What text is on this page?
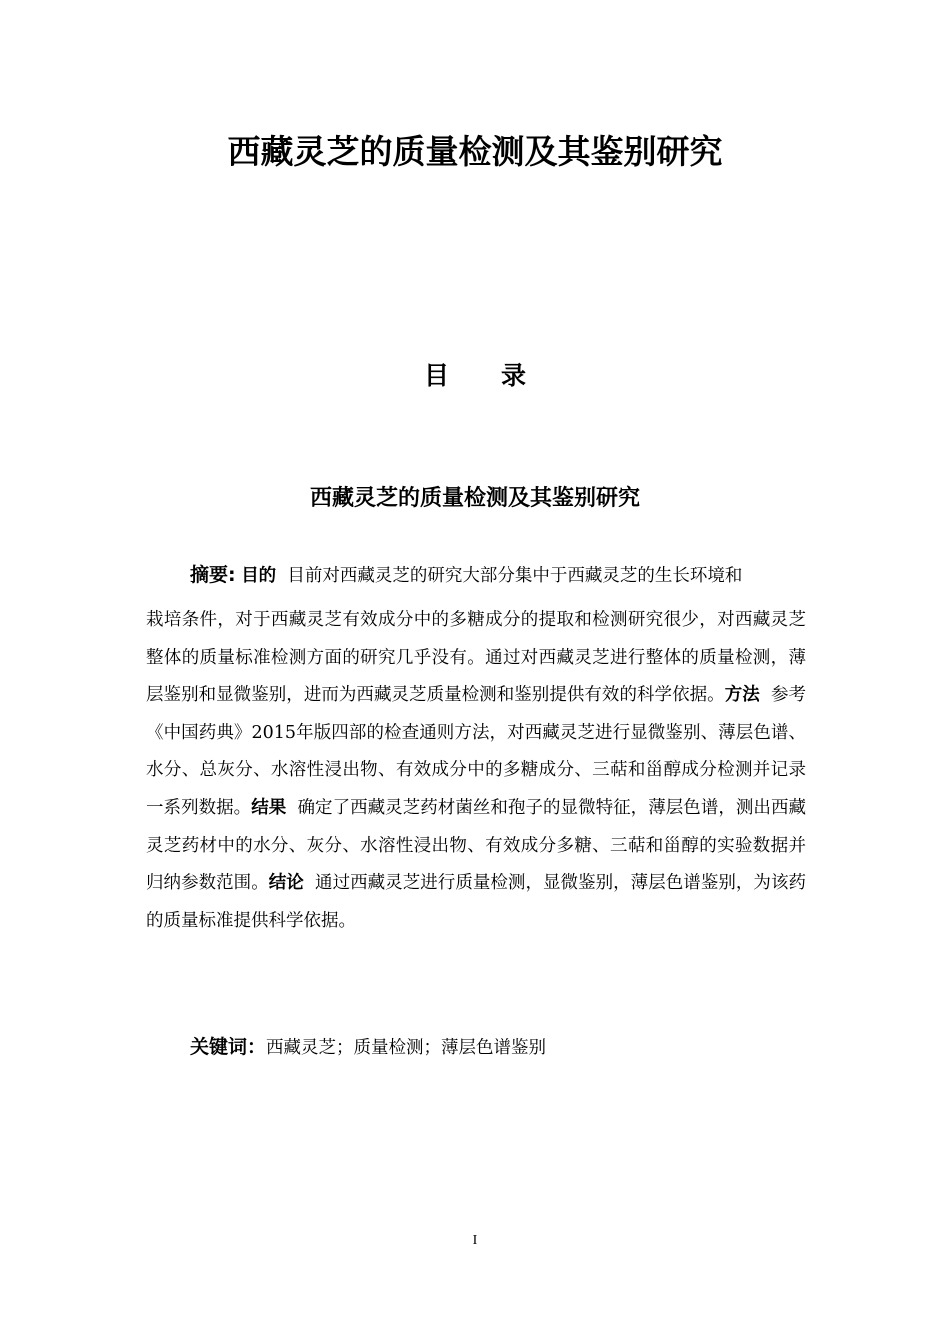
西藏灵芝的质量检测及其鉴别研究
目 录
西藏灵芝的质量检测及其鉴别研究

摘要: 目的 目前对西藏灵芝的研究大部分集中于西藏灵芝的生长环境和

栽培条件，对于西藏灵芝有效成分中的多糖成分的提取和检测研究很少，对西藏灵芝整体的质量标准检测方面的研究几乎没有。通过对西藏灵芝进行整体的质量检测，薄层鉴别和显微鉴别，进而为西藏灵芝质量检测和鉴别提供有效的科学依据。方法 参考《中国药典》2015年版四部的检查通则方法，对西藏灵芝进行显微鉴别、薄层色谱、水分、总灰分、水溶性浸出物、有效成分中的多糖成分、三萜和甾醇成分检测并记录一系列数据。结果 确定了西藏灵芝药材菌丝和孢子的显微特征，薄层色谱，测出西藏灵芝药材中的水分、灰分、水溶性浸出物、有效成分多糖、三萜和甾醇的实验数据并归纳参数范围。结论 通过西藏灵芝进行质量检测，显微鉴别，薄层色谱鉴别，为该药的质量标准提供科学依据。

关键词：西藏灵芝；质量检测；薄层色谱鉴别

I
